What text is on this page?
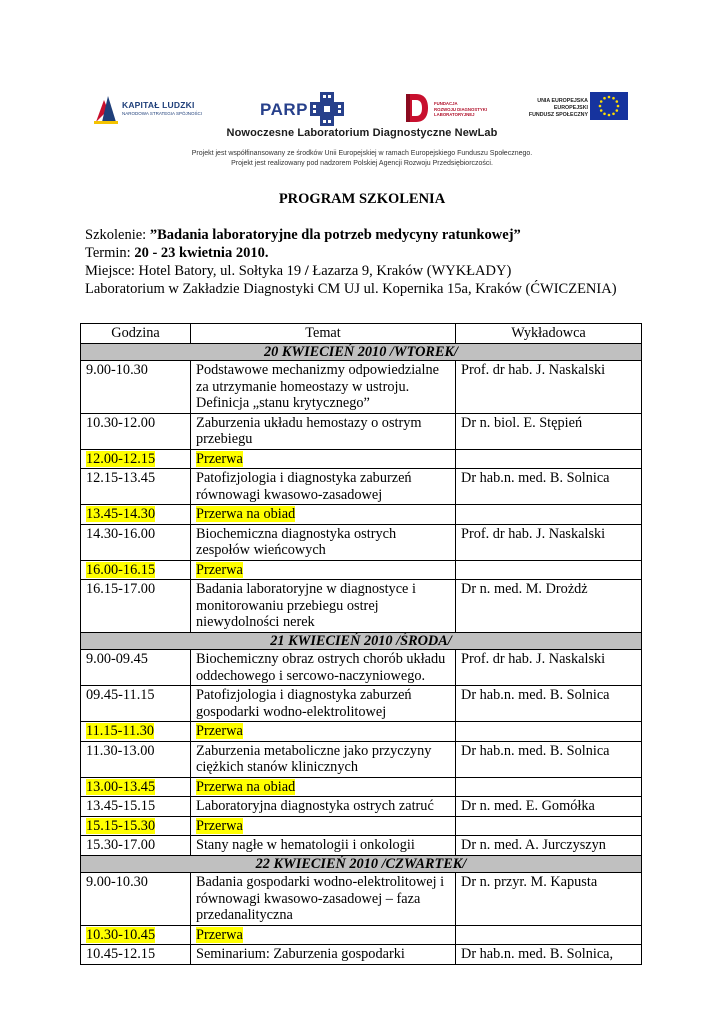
KAPITAŁ LUDZKI
NARODOWA STRATEGIA SPÓJNOŚCI	PARP	FUNDACJA
ROZWOJU DIAGNOSTYKI
LABORATORYJNEJ
UNIA EUROPEJSKA
EUROPEJSKI
FUNDUSZ SPOŁECZNY
Nowoczesne Laboratorium Diagnostyczne NewLab
Projekt jest współfinansowany ze środków Unii Europejskiej w ramach Europejskiego Funduszu Społecznego.
Projekt jest realizowany pod nadzorem Polskiej Agencji Rozwoju Przedsiębiorczości.
PROGRAM SZKOLENIA
Szkolenie: ”Badania laboratoryjne dla potrzeb medycyny ratunkowej”
Termin: 20 - 23 kwietnia 2010.
Miejsce: Hotel Batory, ul. Sołtyka 19 / Łazarza 9, Kraków (WYKŁADY)
Laboratorium w Zakładzie Diagnostyki CM UJ ul. Kopernika 15a, Kraków (ĆWICZENIA)
Godzina	Temat	Wykładowca
20 KWIECIEŃ 2010 /WTOREK/		
9.00-10.30	Podstawowe mechanizmy odpowiedzialne za utrzymanie homeostazy w ustroju. Definicja „stanu krytycznego”	Prof. dr hab. J. Naskalski
10.30-12.00	Zaburzenia układu hemostazy o ostrym przebiegu	Dr n. biol. E. Stępień
12.00-12.15	Przerwa	
12.15-13.45	Patofizjologia i diagnostyka zaburzeń równowagi kwasowo-zasadowej	Dr hab.n. med. B. Solnica
13.45-14.30	Przerwa na obiad	
14.30-16.00	Biochemiczna diagnostyka ostrych zespołów wieńcowych	Prof. dr hab. J. Naskalski
16.00-16.15	Przerwa	
16.15-17.00	Badania laboratoryjne w diagnostyce i monitorowaniu przebiegu ostrej niewydolności nerek	Dr n. med. M. Drożdż
21 KWIECIEŃ 2010 /ŚRODA/		
9.00-09.45	Biochemiczny obraz ostrych chorób układu oddechowego i sercowo-naczyniowego.	Prof. dr hab. J. Naskalski
09.45-11.15	Patofizjologia i diagnostyka zaburzeń gospodarki wodno-elektrolitowej	Dr hab.n. med. B. Solnica
11.15-11.30	Przerwa	
11.30-13.00	Zaburzenia metaboliczne jako przyczyny ciężkich stanów klinicznych	Dr hab.n. med. B. Solnica
13.00-13.45	Przerwa na obiad	
13.45-15.15	Laboratoryjna diagnostyka ostrych zatruć	Dr n. med. E. Gomółka
15.15-15.30	Przerwa	
15.30-17.00	Stany nagłe w hematologii i onkologii	Dr n. med. A. Jurczyszyn
22 KWIECIEŃ 2010 /CZWARTEK/		
9.00-10.30	Badania gospodarki wodno-elektrolitowej i równowagi kwasowo-zasadowej – faza przedanalityczna	Dr n. przyr. M. Kapusta
10.30-10.45	Przerwa	
10.45-12.15	Seminarium: Zaburzenia gospodarki	Dr hab.n. med. B. Solnica,
